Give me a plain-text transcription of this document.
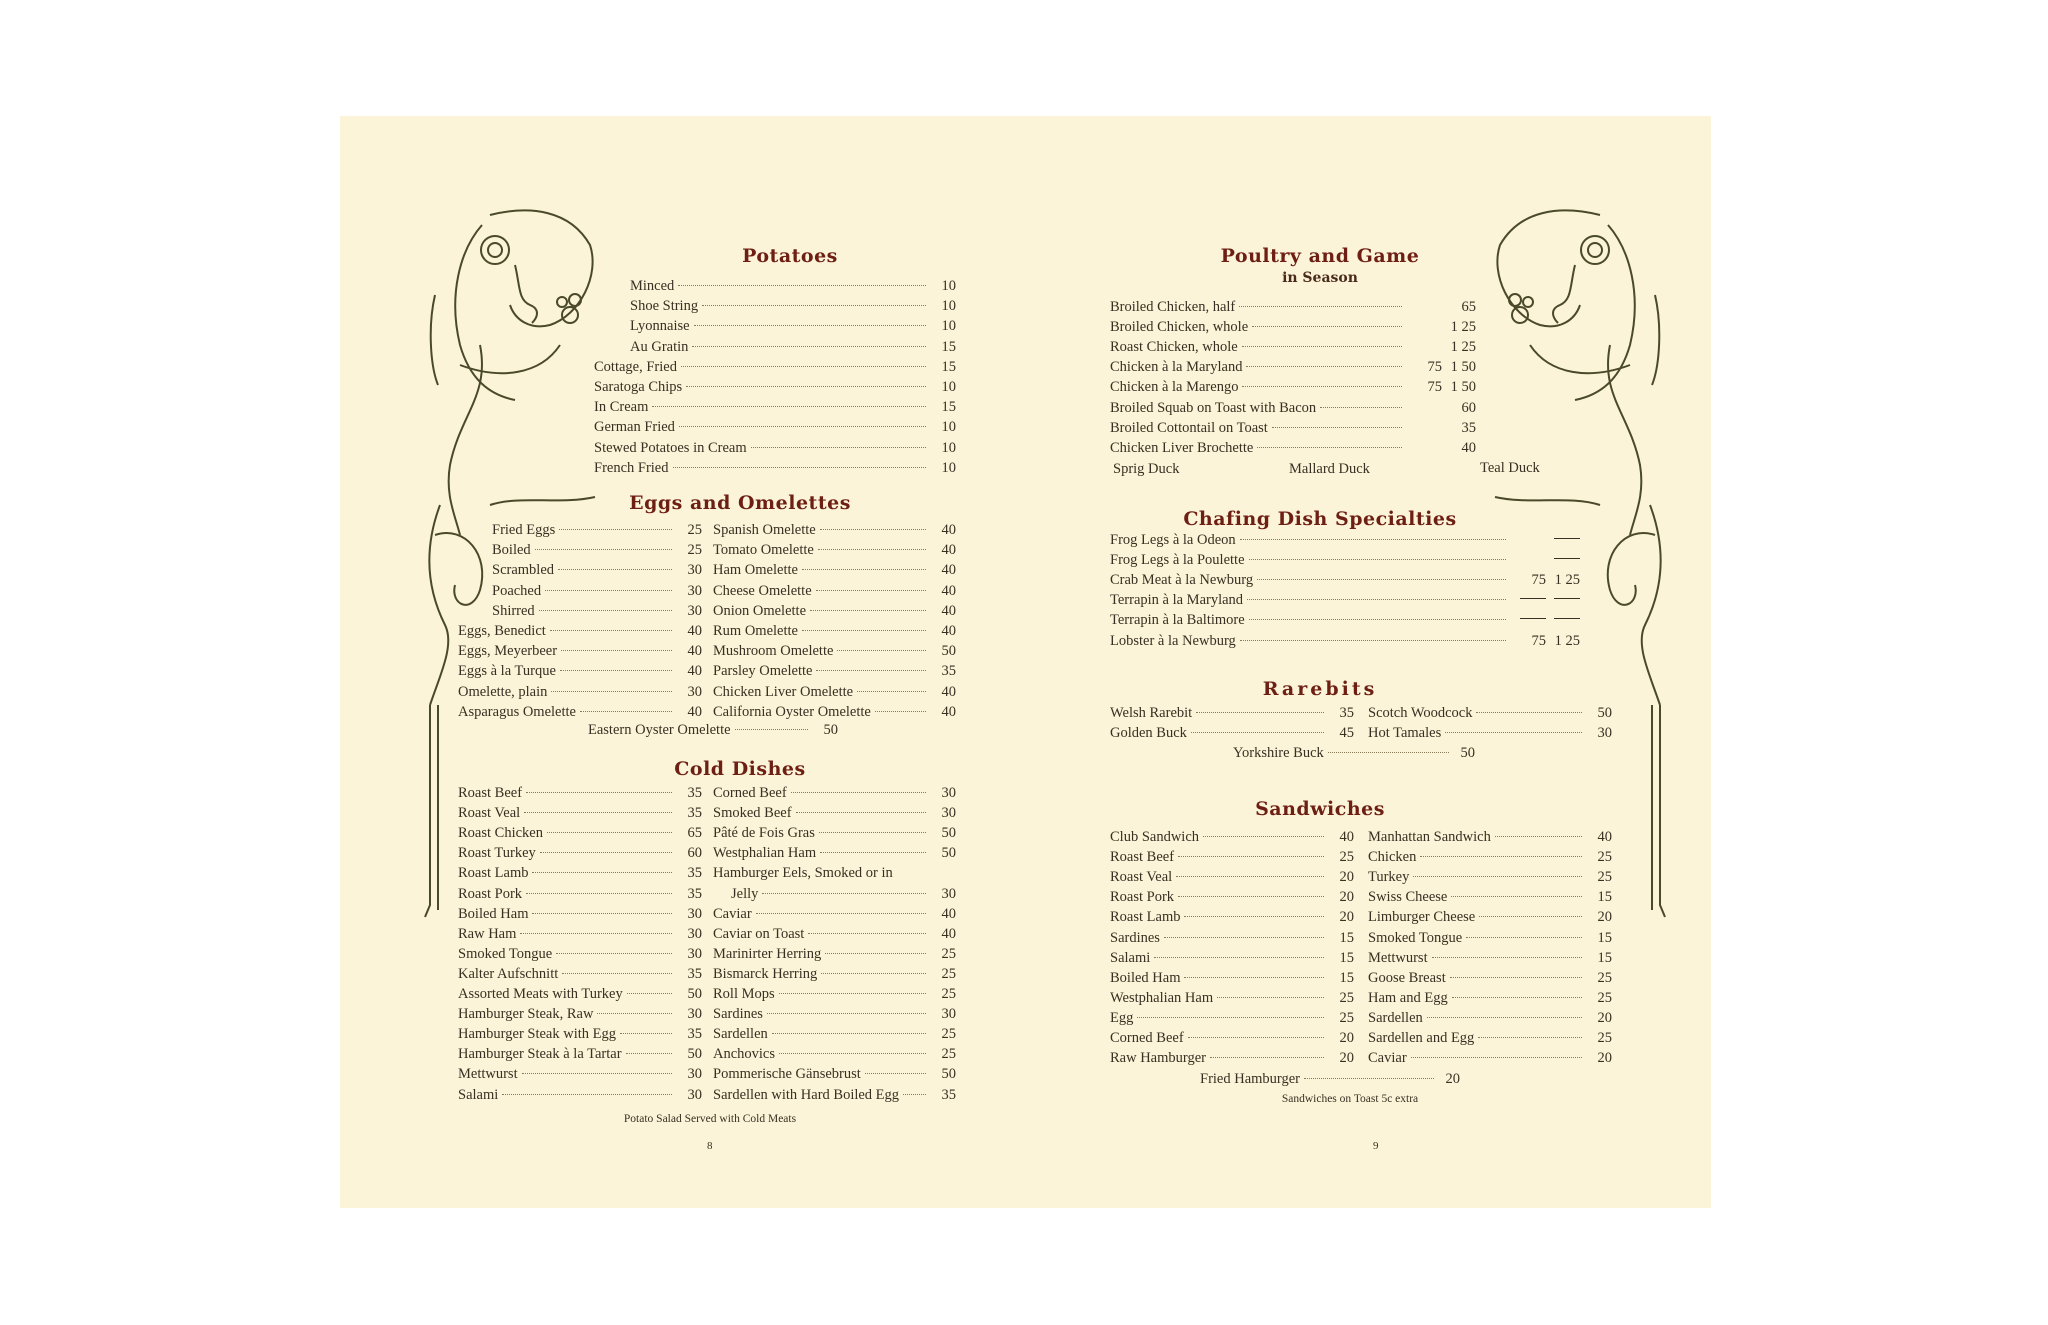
Potatoes
Eggs and Omelettes
Eastern Oyster Omelette	50
Cold Dishes
Potato Salad Served with Cold Meats
8
Poultry and Game
in Season
Sprig Duck	Mallard Duck	Teal Duck
Chafing Dish Specialties
Rarebits
Yorkshire Buck	50
Sandwiches
Fried Hamburger	20
Sandwiches on Toast 5c extra
9
Minced	10
Shoe String	10
Lyonnaise	10
Au Gratin	15
Cottage, Fried	15
Saratoga Chips	10
In Cream	15
German Fried	10
Stewed Potatoes in Cream	10
French Fried	10
Fried Eggs	25
Boiled	25
Scrambled	30
Poached	30
Shirred	30
Eggs, Benedict	40
Eggs, Meyerbeer	40
Eggs à la Turque	40
Omelette, plain	30
Asparagus Omelette	40
Spanish Omelette	40
Tomato Omelette	40
Ham Omelette	40
Cheese Omelette	40
Onion Omelette	40
Rum Omelette	40
Mushroom Omelette	50
Parsley Omelette	35
Chicken Liver Omelette	40
California Oyster Omelette	40
Roast Beef	35
Roast Veal	35
Roast Chicken	65
Roast Turkey	60
Roast Lamb	35
Roast Pork	35
Boiled Ham	30
Raw Ham	30
Smoked Tongue	30
Kalter Aufschnitt	35
Assorted Meats with Turkey	50
Hamburger Steak, Raw	30
Hamburger Steak with Egg	35
Hamburger Steak à la Tartar	50
Mettwurst	30
Salami	30
Corned Beef	30
Smoked Beef	30
Pâté de Fois Gras	50
Westphalian Ham	50
Hamburger Eels, Smoked or in
Jelly	30
Caviar	40
Caviar on Toast	40
Marinirter Herring	25
Bismarck Herring	25
Roll Mops	25
Sardines	30
Sardellen	25
Anchovics	25
Pommerische Gänsebrust	50
Sardellen with Hard Boiled Egg	35
Broiled Chicken, half	65
Broiled Chicken, whole	1 25
Roast Chicken, whole	1 25
Chicken à la Maryland	75 1 50
Chicken à la Marengo	75 1 50
Broiled Squab on Toast with Bacon	60
Broiled Cottontail on Toast	35
Chicken Liver Brochette	40
Frog Legs à la Odeon
Frog Legs à la Poulette
Crab Meat à la Newburg	75 1 25
Terrapin à la Maryland
Terrapin à la Baltimore
Lobster à la Newburg	75 1 25
Welsh Rarebit	35
Golden Buck	45
Scotch Woodcock	50
Hot Tamales	30
Club Sandwich	40
Roast Beef	25
Roast Veal	20
Roast Pork	20
Roast Lamb	20
Sardines	15
Salami	15
Boiled Ham	15
Westphalian Ham	25
Egg	25
Corned Beef	20
Raw Hamburger	20
Manhattan Sandwich	40
Chicken	25
Turkey	25
Swiss Cheese	15
Limburger Cheese	20
Smoked Tongue	15
Mettwurst	15
Goose Breast	25
Ham and Egg	25
Sardellen	20
Sardellen and Egg	25
Caviar	20
